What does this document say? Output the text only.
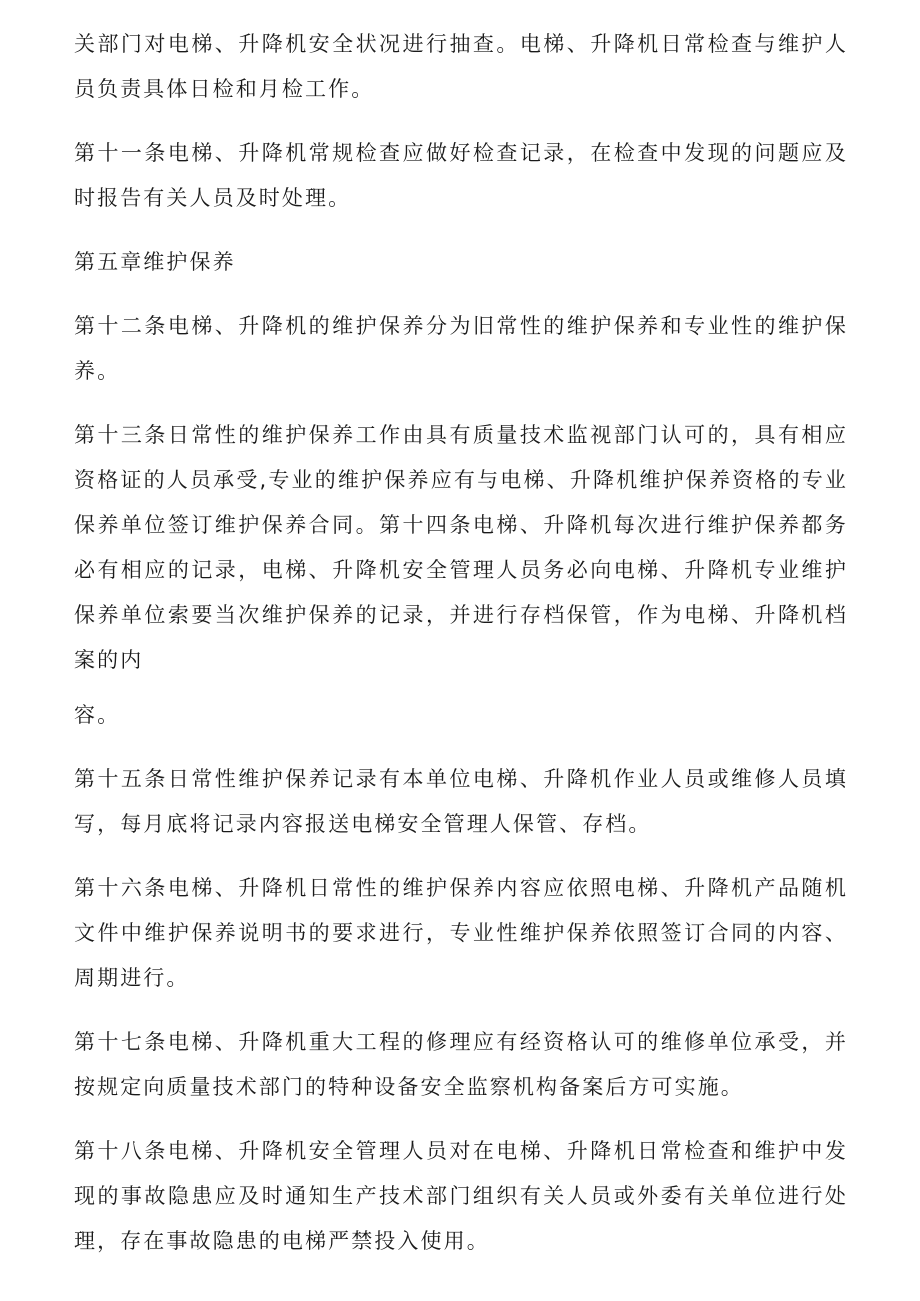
关部门对电梯、升降机安全状况进行抽查。电梯、升降机日常检查与维护人员负责具体日检和月检工作。

第十一条电梯、升降机常规检查应做好检查记录，在检查中发现的问题应及时报告有关人员及时处理。

第五章维护保养

第十二条电梯、升降机的维护保养分为旧常性的维护保养和专业性的维护保养。

第十三条日常性的维护保养工作由具有质量技术监视部门认可的，具有相应资格证的人员承受,专业的维护保养应有与电梯、升降机维护保养资格的专业保养单位签订维护保养合同。第十四条电梯、升降机每次进行维护保养都务必有相应的记录，电梯、升降机安全管理人员务必向电梯、升降机专业维护保养单位索要当次维护保养的记录，并进行存档保管，作为电梯、升降机档案的内

容。

第十五条日常性维护保养记录有本单位电梯、升降机作业人员或维修人员填写，每月底将记录内容报送电梯安全管理人保管、存档。

第十六条电梯、升降机日常性的维护保养内容应依照电梯、升降机产品随机文件中维护保养说明书的要求进行，专业性维护保养依照签订合同的内容、周期进行。

第十七条电梯、升降机重大工程的修理应有经资格认可的维修单位承受，并按规定向质量技术部门的特种设备安全监察机构备案后方可实施。

第十八条电梯、升降机安全管理人员对在电梯、升降机日常检查和维护中发现的事故隐患应及时通知生产技术部门组织有关人员或外委有关单位进行处理，存在事故隐患的电梯严禁投入使用。
